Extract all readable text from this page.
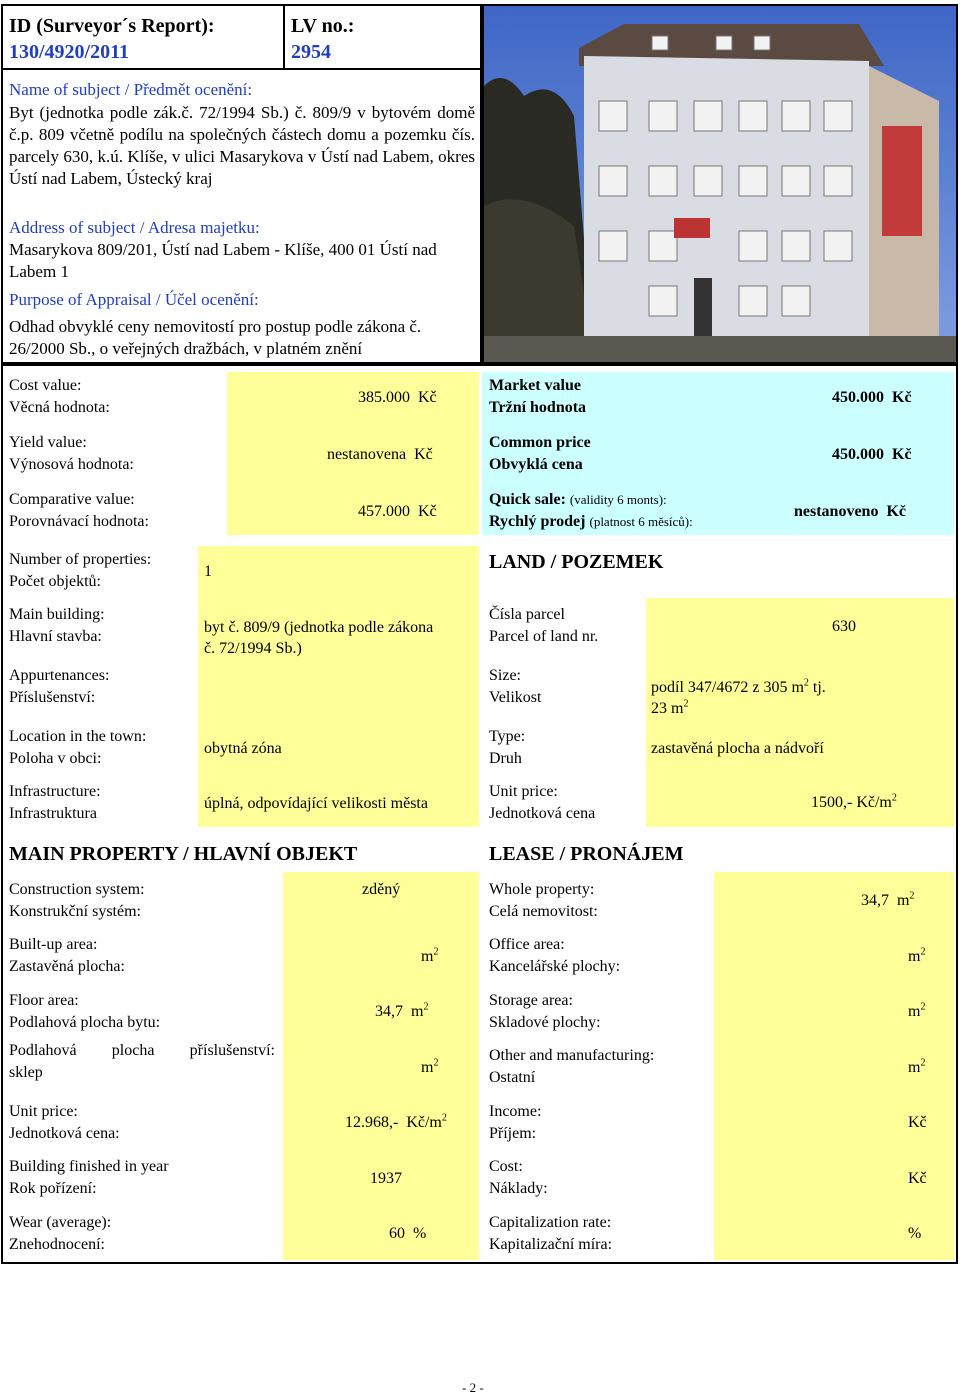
ID (Surveyor´s Report):
130/4920/2011
LV no.:
2954
Name of subject / Předmět ocenění:
Byt (jednotka podle zák.č. 72/1994 Sb.) č. 809/9 v bytovém domě č.p. 809 včetně podílu na společných částech domu a pozemku čís. parcely 630, k.ú. Klíše, v ulici Masarykova v Ústí nad Labem, okres Ústí nad Labem, Ústecký kraj
Address of subject / Adresa majetku:
Masarykova 809/201, Ústí nad Labem - Klíše, 400 01 Ústí nad Labem 1
Purpose of Appraisal / Účel ocenění:
Odhad obvyklé ceny nemovitostí pro postup podle zákona č. 26/2000 Sb., o veřejných dražbách, v platném znění
Cost value:
Věcná hodnota:
385.000 Kč
Yield value:
Výnosová hodnota:
nestanovena Kč
Comparative value:
Porovnávací hodnota:
457.000 Kč
Market value
Tržní hodnota
450.000 Kč
Common price
Obvyklá cena
450.000 Kč
Quick sale: (validity 6 monts):
Rychlý prodej (platnost 6 měsíců):
nestanoveno Kč
Number of properties:
Počet objektů:
1
Main building:
Hlavní stavba:
byt č. 809/9 (jednotka podle zákona č. 72/1994 Sb.)
Appurtenances:
Příslušenství:
Location in the town:
Poloha v obci:
obytná zóna
Infrastructure:
Infrastruktura
úplná, odpovídající velikosti města
LAND / POZEMEK
Čísla parcel
Parcel of land nr.
630
Size:
Velikost
podíl 347/4672 z 305 $m^2$ tj.
23 $m^2$
Type:
Druh
zastavěná plocha a nádvoří
Unit price:
Jednotková cena
1500,- $Kč/m^2$
MAIN PROPERTY / HLAVNÍ OBJEKT
Construction system:
Konstrukční systém:
zděný
Built-up area:
Zastavěná plocha:
$m^2$
Floor area:
Podlahová plocha bytu:
34,7 $m^2$
Podlahová plocha příslušenství:
sklep	$m^2$
Unit price:
Jednotková cena:
12.968,- $Kč/m^2$
Building finished in year
Rok pořízení:
1937
Wear (average):
Znehodnocení:
60 %
LEASE / PRONÁJEM
Whole property:
Celá nemovitost:
34,7 $m^2$
Office area:
Kancelářské plochy:
$m^2$
Storage area:
Skladové plochy:
$m^2$
Other and manufacturing:
Ostatní
$m^2$
Income:
Příjem:
Kč
Cost:
Náklady:
Kč
Capitalization rate:
Kapitalizační míra:
%
- 2 -
